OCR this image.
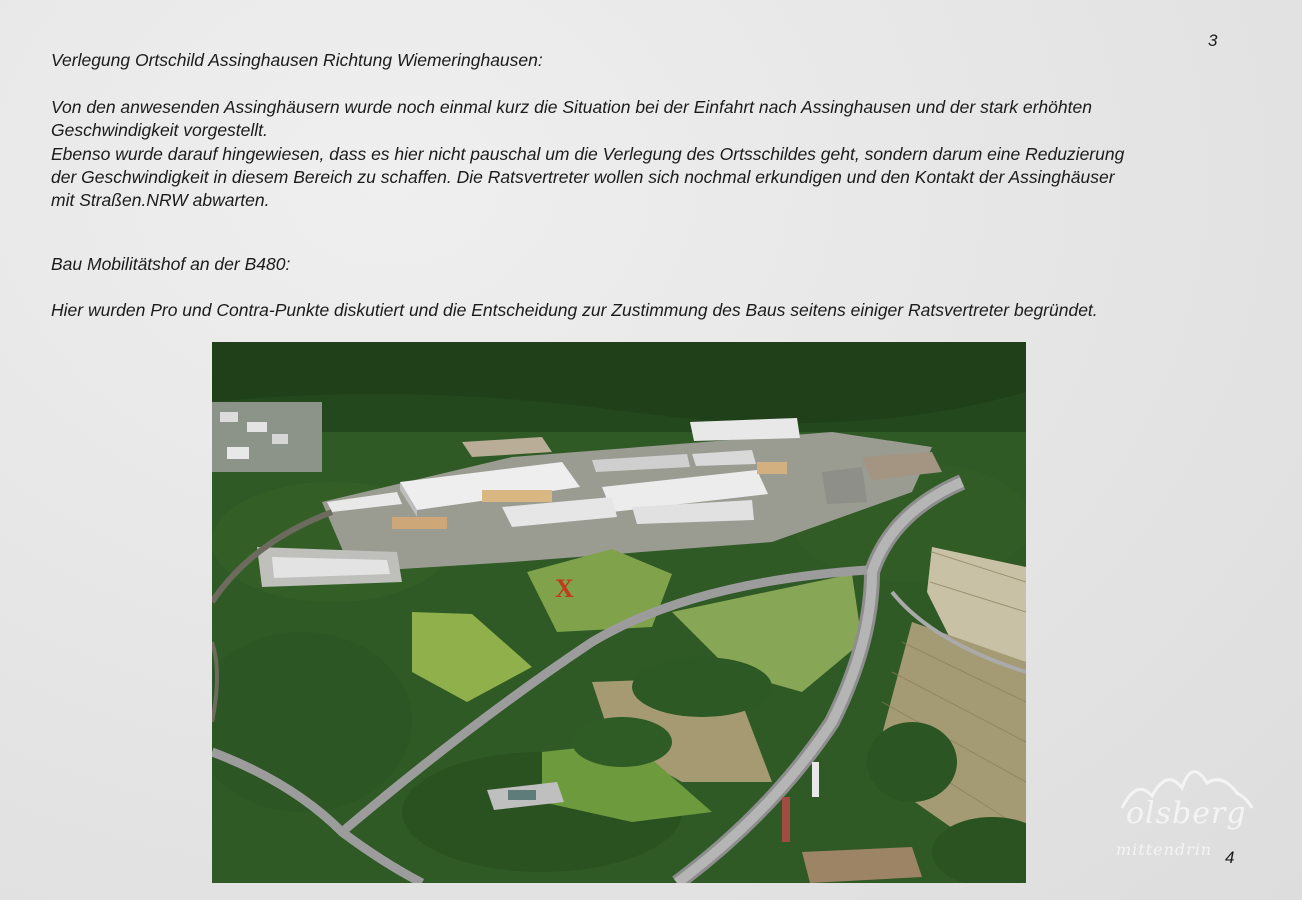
3
Verlegung Ortschild Assinghausen Richtung Wiemeringhausen:
Von den anwesenden Assinghäusern wurde noch einmal kurz die Situation bei der Einfahrt nach Assinghausen und der stark erhöhten
Geschwindigkeit vorgestellt.
Ebenso wurde darauf hingewiesen, dass es hier nicht pauschal um die Verlegung des Ortsschildes geht, sondern darum eine Reduzierung
der Geschwindigkeit in diesem Bereich zu schaffen. Die Ratsvertreter wollen sich nochmal erkundigen und den Kontakt der Assinghäuser
mit Straßen.NRW abwarten.
Bau Mobilitätshof an der B480:
Hier wurden Pro und Contra-Punkte diskutiert und die Entscheidung zur Zustimmung des Baus seitens einiger Ratsvertreter begründet.
X
olsberg
mittendrin 4
